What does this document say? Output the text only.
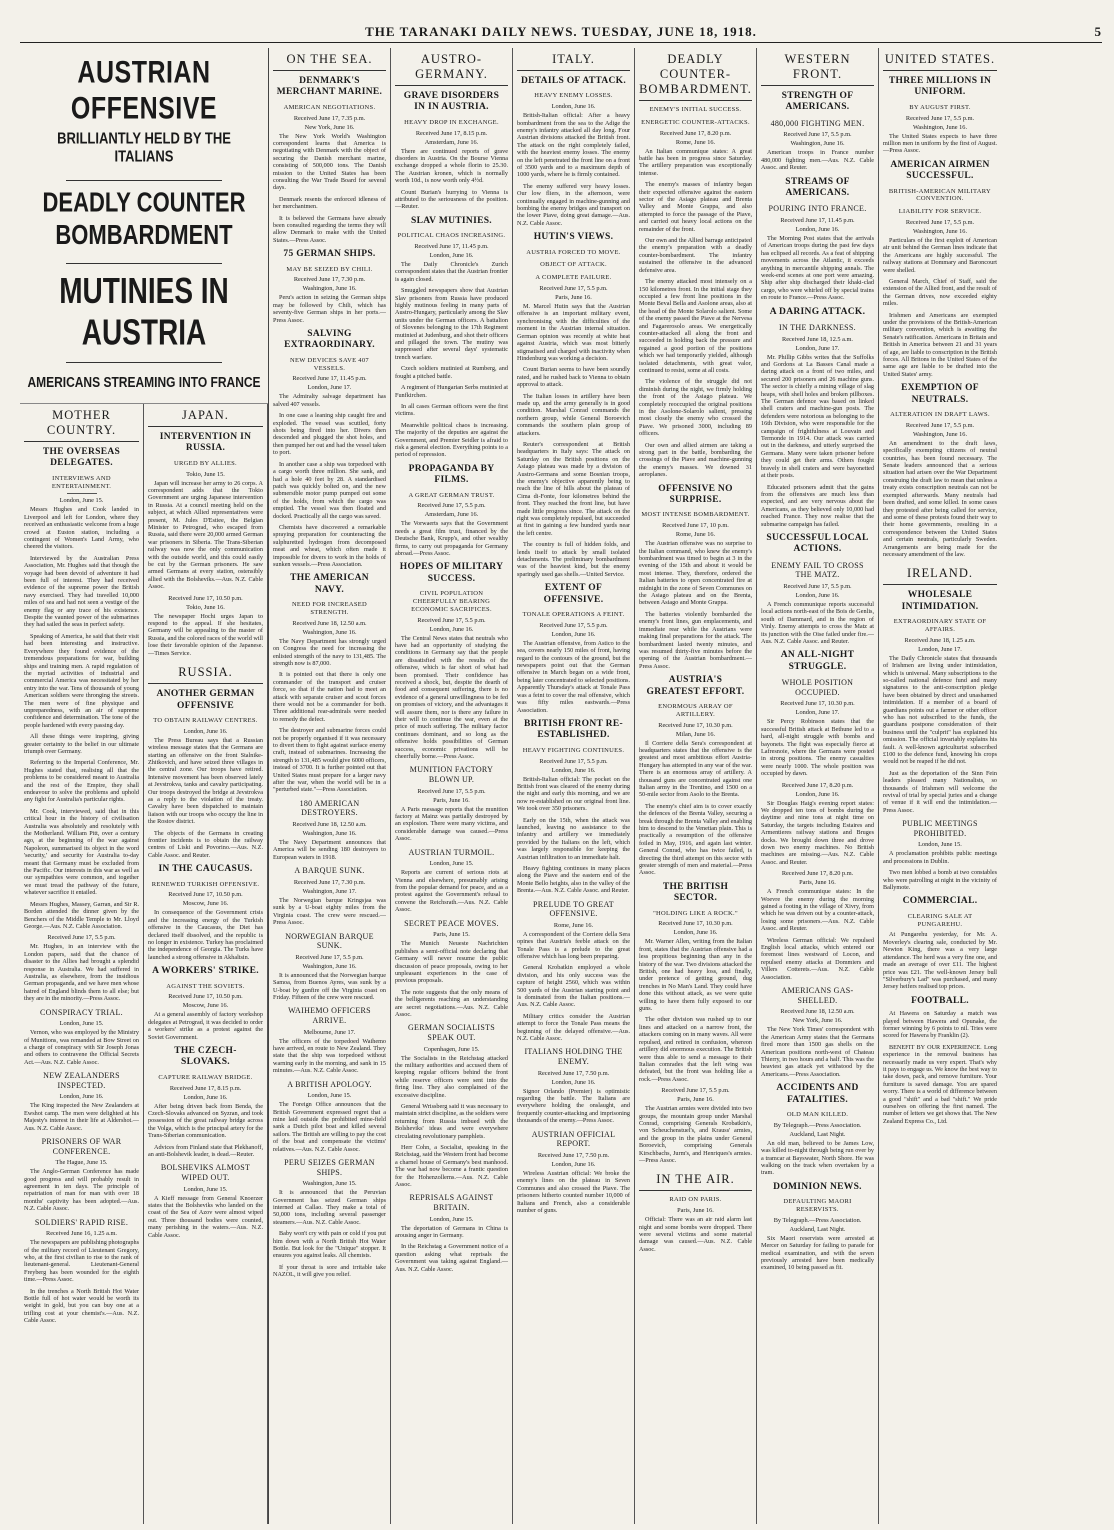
THE TARANAKI DAILY NEWS. TUESDAY, JUNE 18, 1918.	5
AUSTRIAN OFFENSIVE
BRILLIANTLY HELD BY THE ITALIANS
DEADLY COUNTER BOMBARDMENT
MUTINIES IN AUSTRIA
AMERICANS STREAMING INTO FRANCE
MOTHER COUNTRY.
THE OVERSEAS DELEGATES.
INTERVIEWS AND ENTERTAINMENT.
London, June 15.

Messrs Hughes and Cook landed in Liverpool and left for London, where they received an enthusiastic welcome from a huge crowd at Euston station, including a contingent of Women's Land Army, who cheered the visitors.

Interviewed by the Australian Press Association, Mr. Hughes said that though the voyage had been devoid of adventure it had been full of interest. They had received evidence of the supreme power the British navy exercised. They had travelled 10,000 miles of sea and had not seen a vestige of the enemy flag or any trace of his existence. Despite the vaunted power of the submarines they had sailed the seas in perfect safety.

Speaking of America, he said that their visit had been interesting and instructive. Everywhere they found evidence of the tremendous preparations for war, building ships and training men. A rapid regulation of the myriad activities of industrial and commercial America was necessitated by her entry into the war. Tens of thousands of young American soldiers were thronging the streets. The men were of fine physique and unpreparedness, with an air of supreme confidence and determination. The tone of the people hardened with every passing day.

All these things were inspiring, giving greater certainty to the belief in our ultimate triumph over Germany.

Referring to the Imperial Conference, Mr. Hughes stated that, realising all that the problems to be considered meant to Australia and the rest of the Empire, they shall endeavour to solve the problems and uphold any fight for Australia's particular rights.

Mr. Cook, interviewed, said that in this critical hour in the history of civilisation Australia was absolutely and resolutely with the Motherland. William Pitt, over a century ago, at the beginning of the war against Napoleon, summarised its object in the word 'security,' and security for Australia to-day meant that Germany must be excluded from the Pacific. Our interests in this war as well as our sympathies were common, and together we must tread the pathway of the future, whatever sacrifice it entailed.

Messrs Hughes, Massey, Garran, and Sir R. Borden attended the dinner given by the Benchers of the Middle Temple to Mr. Lloyd George.—Aus. N.Z. Cable Association.

Received June 17, 5.5 p.m.

Mr. Hughes, in an interview with the London papers, said that the chance of disaster to the Allies had brought a splendid response in Australia. We had suffered in Australia, as elsewhere, from the insidious German propaganda, and we have men whose hatred of England blinds them to all else; but they are in the minority.—Press Assoc.

CONSPIRACY TRIAL.
London, June 15.

Vernon, who was employed by the Ministry of Munitions, was remanded at Bow Street on a charge of conspiracy with Sir Joseph Jonas and others to contravene the Official Secrets Act.—Aus. N.Z. Cable Assoc.

NEW ZEALANDERS INSPECTED.
London, June 16.

The King inspected the New Zealanders at Ewshot camp. The men were delighted at his Majesty's interest in their life at Aldershot.—Aus. N.Z. Cable Assoc.

PRISONERS OF WAR CONFERENCE.
The Hague, June 15.

The Anglo-German Conference has made good progress and will probably result in agreement in ten days. The principle of repatriation of man for man with over 18 months' captivity has been adopted.—Aus. N.Z. Cable Assoc.

SOLDIERS' RAPID RISE.
Received June 16, 1.25 a.m.

The newspapers are publishing photographs of the military record of Lieutenant Gregory, who, at the first civilian to rise to the rank of lieutenant-general. Lieutenant-General Freyberg has been wounded for the eighth time.—Press Assoc.

In the trenches a North British Hot Water Bottle full of hot water would be worth its weight in gold, but you can buy one at a trifling cost at your chemist's.—Aus. N.Z. Cable Assoc.

JAPAN.
INTERVENTION IN RUSSIA.
URGED BY ALLIES.
Tokio, June 15.

Japan will increase her army to 26 corps. A correspondent adds that the Tokio Government are urging Japanese intervention in Russia. At a council meeting held on the subject, at which Allied representatives were present, M. Jules D'Estiee, the Belgian Minister to Petrograd, who escaped from Russia, said there were 20,000 armed German war prisoners in Siberia. The Trans-Siberian railway was now the only communication with the outside world, and this could easily be cut by the German prisoners. He saw armed Germans at every station, ostensibly allied with the Bolsheviks.—Aus. N.Z. Cable Assoc.

Received June 17, 10.50 p.m.
Tokio, June 16.

The newspaper Hochi urges Japan to respond to the appeal. If she hesitates, Germany will be appealing to the master of Russia, and the colored races of the world will lose their favorable opinion of the Japanese.—Times Service.

RUSSIA.
ANOTHER GERMAN OFFENSIVE
TO OBTAIN RAILWAY CENTRES.
London, June 16.

The Press Bureau says that a Russian wireless message states that the Germans are starting an offensive on the front Stalnike-Zhitkovich, and have seized three villages in the central zone. Our troops have retired. Intensive movement has been observed lately at Jevstrokva, tanks and cavalry participating. Our troops destroyed the bridge at Jevstrokva as a reply to the violation of the treaty. Cavalry have been dispatched to maintain liaison with our troops who occupy the line in the Rostov district.

The objects of the Germans in creating frontier incidents is to obtain the railway centres of Liski and Povorino.—Aus. N.Z. Cable Assoc. and Reuter.

IN THE CAUCASUS.
RENEWED TURKISH OFFENSIVE.
Received June 17, 10.50 p.m.
Moscow, June 16.

In consequence of the Government crisis and the increasing energy of the Turkish offensive in the Caucasus, the Diet has declared itself dissolved, and the republic is no longer in existence. Turkey has proclaimed the independence of Georgia. The Turks have launched a strong offensive in Akhaltsin.

A WORKERS' STRIKE.
AGAINST THE SOVIETS.
Received June 17, 10.50 p.m.
Moscow, June 16.

At a general assembly of factory workshop delegates at Petrograd, it was decided to order a workers' strike as a protest against the Soviet Government.

THE CZECH-SLOVAKS.
CAPTURE RAILWAY BRIDGE.
Received June 17, 8.15 p.m.
London, June 16.

After being driven back from Benda, the Czech-Slovaks advanced on Syzran, and took possession of the great railway bridge across the Volga, which is the principal artery for the Trans-Siberian communication.

Advices from Finland state that Plekhanoff, an anti-Bolshevik leader, is dead.—Reuter.

BOLSHEVIKS ALMOST WIPED OUT.
London, June 15.

A Kieff message from General Knoerzer states that the Bolsheviks who landed on the coast of the Sea of Azov were almost wiped out. Three thousand bodies were counted, many perishing in the waters.—Aus. N.Z. Cable Assoc.

ON THE SEA.
DENMARK'S MERCHANT MARINE.
AMERICAN NEGOTIATIONS.
Received June 17, 7.35 p.m.
New York, June 16.

The New York World's Washington correspondent learns that America is negotiating with Denmark with the object of securing the Danish merchant marine, consisting of 500,000 tons. The Danish mission to the United States has been consulting the War Trade Board for several days.

Denmark resents the enforced idleness of her merchantmen.

It is believed the Germans have already been consulted regarding the terms they will allow Denmark to make with the United States.—Press Assoc.

75 GERMAN SHIPS.
MAY BE SEIZED BY CHILI.
Received June 17, 7.30 p.m.
Washington, June 16.

Peru's action in seizing the German ships may be followed by Chili, which has seventy-five German ships in her ports.—Press Assoc.

SALVING EXTRAORDINARY.
NEW DEVICES SAVE 407 VESSELS.
Received June 17, 11.45 p.m.
London, June 17.

The Admiralty salvage department has salved 407 vessels.

In one case a leaning ship caught fire and exploded. The vessel was scuttled, forty shots being fired into her. Divers then descended and plugged the shot holes, and then pumped her out and had the vessel taken to port.

In another case a ship was torpedoed with a cargo worth three million. She sank, and had a hole 40 feet by 28. A standardised patch was quickly bolted on, and the new submersible motor pump pumped out some of the holds, from which the cargo was emptied. The vessel was then floated and docked. Practically all the cargo was saved.

Chemists have discovered a remarkable spraying preparation for counteracting the sulphuretted hydrogen from decomposed meat and wheat, which often made it impossible for divers to work in the holds of sunken vessels.—Press Association.

THE AMERICAN NAVY.
NEED FOR INCREASED STRENGTH.
Received June 18, 12.50 a.m.
Washington, June 16.

The Navy Department has strongly urged on Congress the need for increasing the enlisted strength of the navy to 131,485. The strength now is 87,000.

It is pointed out that there is only one commander of the transport and cruiser force, so that if the nation had to meet an attack with separate cruiser and scout forces there would not be a commander for both. Three additional rear-admirals were needed to remedy the defect.

The destroyer and submarine forces could not be properly organised if it was necessary to divert them to fight against surface enemy craft, instead of submarines. Increasing the strength to 131,485 would give 6000 officers, instead of 3700. It is further pointed out that United States must prepare for a larger navy after the war, when the world will be in a "perturbed state."—Press Association.

180 AMERICAN DESTROYERS.
Received June 18, 12.50 a.m.
Washington, June 16.

The Navy Department announces that America will be sending 180 destroyers to European waters in 1918.

A BARQUE SUNK.
Received June 17, 7.30 p.m.
Washington, June 17.

The Norwegian barque Kringsjaa was sunk by a U-boat eighty miles from the Virginia coast. The crew were rescued.—Press Assoc.

NORWEGIAN BARQUE SUNK.
Received June 17, 5.5 p.m.
Washington, June 16.

It is announced that the Norwegian barque Samoa, from Buenos Ayres, was sunk by a U-boat by gunfire off the Virginia coast on Friday. Fifteen of the crew were rescued.

WAIHEMO OFFICERS ARRIVE.
Melbourne, June 17.

The officers of the torpedoed Waihemo have arrived, en route to New Zealand. They state that the ship was torpedoed without warning early in the morning, and sank in 15 minutes.—Aus. N.Z. Cable Assoc.

A BRITISH APOLOGY.
London, June 15.

The Foreign Office announces that the British Government expressed regret that a mine laid outside the prohibited mine-field sank a Dutch pilot boat and killed several sailors. The British are willing to pay the cost of the boat and compensate the victims' relatives.—Aus. N.Z. Cable Assoc.

PERU SEIZES GERMAN SHIPS.
Washington, June 15.

It is announced that the Peruvian Government has seized German ships interned at Callao. They make a total of 50,000 tons, including several passenger steamers.—Aus. N.Z. Cable Assoc.

Baby won't cry with pain or cold if you put him down with a North British Hot Water Bottle. But look for the "Unique" stopper. It ensures you against leaks. All chemists.

If your throat is sore and irritable take NAZOL, it will give you relief.

AUSTRO-GERMANY.
GRAVE DISORDERS IN IN AUSTRIA.
HEAVY DROP IN EXCHANGE.
Received June 17, 8.15 p.m.
Amsterdam, June 16.

There are continued reports of grave disorders in Austria. On the Bourse Vienna exchange dropped a whole florin to 25.30. The Austrian kronen, which is normally worth 10d., is now worth only 4½d.

Count Burian's hurrying to Vienna is attributed to the seriousness of the position.—Reuter.

SLAV MUTINIES.
POLITICAL CHAOS INCREASING.
Received June 17, 11.45 p.m.
London, June 16.

The Daily Chronicle's Zurich correspondent states that the Austrian frontier is again closed.

Smuggled newspapers show that Austrian Slav prisoners from Russia have produced highly mutinous feeling in many parts of Austro-Hungary, particularly among the Slav units under the German officers. A battalion of Slovenes belonging to the 17th Regiment mutinied at Judenburg, and shot their officers and pillaged the town. The mutiny was suppressed after several days' systematic trench warfare.

Czech soldiers mutinied at Rumberg, and fought a pitched battle.

A regiment of Hungarian Serbs mutinied at Funfkirchen.

In all cases German officers were the first victims.

Meanwhile political chaos is increasing. The majority of the deputies are against the Government, and Premier Seidler is afraid to risk a general election. Everything points to a period of repression.

PROPAGANDA BY FILMS.
A GREAT GERMAN TRUST.
Received June 17, 5.5 p.m.
Amsterdam, June 16.

The Vorwaerts says that the Government needs a great film trust, financed by the Deutsche Bank, Krupp's, and other wealthy firms, to carry out propaganda for Germany abroad.—Press Assoc.

HOPES OF MILITARY SUCCESS.
CIVIL POPULATION CHEERFULLY BEARING ECONOMIC SACRIFICES.
Received June 17, 5.5 p.m.
London, June 16.

The Central News states that neutrals who have had an opportunity of studying the conditions in Germany say that the people are dissatisfied with the results of the offensive, which is far short of what had been promised. Their confidence has received a shock, but, despite the dearth of food and consequent suffering, there is no evidence of a general unwillingness to be fed on promises of victory, and the advantages it will assure them, nor is there any failure in their will to continue the war, even at the price of much suffering. The military factor continues dominant, and so long as the offensive holds possibilities of German success, economic privations will be cheerfully borne.—Press Assoc.

MUNITION FACTORY BLOWN UP.
Received June 17, 5.5 p.m.
Paris, June 16.

A Paris message reports that the munition factory at Mainz was partially destroyed by an explosion. There were many victims, and considerable damage was caused.—Press Assoc.

AUSTRIAN TURMOIL.
London, June 15.

Reports are current of serious riots at Vienna and elsewhere, presumably arising from the popular demand for peace, and as a protest against the Government's refusal to convene the Reichsrath.—Aus. N.Z. Cable Assoc.

SECRET PEACE MOVES.
Paris, June 15.

The Munich Neueste Nachrichten publishes a semi-official note declaring that Germany will never resume the public discussion of peace proposals, owing to her unpleasant experiences in the case of previous proposals.

The note suggests that the only means of the belligerents reaching an understanding are secret negotiations.—Aus. N.Z. Cable Assoc.

GERMAN SOCIALISTS SPEAK OUT.
Copenhagen, June 15.

The Socialists in the Reichstag attacked the military authorities and accused them of keeping regular officers behind the front while reserve officers were sent into the firing line. They also complained of the excessive discipline.

General Wrissberg said it was necessary to maintain strict discipline, as the soldiers were returning from Russia imbued with the Bolsheviks' ideas and were everywhere circulating revolutionary pamphlets.

Herr Cohn, a Socialist, speaking in the Reichstag, said the Western front had become a charnel house of Germany's best manhood. The war had now become a frantic question for the Hohenzollerns.—Aus. N.Z. Cable Assoc.

REPRISALS AGAINST BRITAIN.
London, June 15.

The deportation of Germans in China is arousing anger in Germany.

In the Reichstag a Government notice of a question asking what reprisals the Government was taking against England.—Aus. N.Z. Cable Assoc.

ITALY.
DETAILS OF ATTACK.
HEAVY ENEMY LOSSES.
London, June 16.

British-Italian official: After a heavy bombardment from the sea to the Adige the enemy's infantry attacked all day long. Four Austrian divisions attacked the British front. The attack on the right completely failed, with the heaviest enemy losses. The enemy on the left penetrated the front line on a front of 3500 yards and to a maximum depth of 1000 yards, where he is firmly contained.

The enemy suffered very heavy losses. Our low fliers, in the afternoon, were continually engaged in machine-gunning and bombing the enemy bridges and transport on the lower Piave, doing great damage.—Aus. N.Z. Cable Assoc.

HUTIN'S VIEWS.
AUSTRIA FORCED TO MOVE.
OBJECT OF ATTACK.
A COMPLETE FAILURE.
Received June 17, 5.5 p.m.
Paris, June 16.

M. Marcel Hutin says that the Austrian offensive is an important military event, synchronising with the difficulties of the moment in the Austrian internal situation. German opinion was recently at white heat against Austria, which was most bitterly stigmatised and charged with inactivity when Hindenburg was working a decision.

Count Burian seems to have been soundly rated, and he rushed back to Vienna to obtain approval to attack.

The Italian losses in artillery have been made up, and the army generally is in good condition. Marshal Conrad commands the northern group, while General Boroevich commands the southern plain group of attackers.

Reuter's correspondent at British headquarters in Italy says: The attack on Saturday on the British positions on the Asiago plateau was made by a division of Austro-Germans and some Bosnian troops, the enemy's objective apparently being to reach the line of hills about the plateau of Cima di-Fonte, four kilometres behind the front. They reached the front line, but have made little progress since. The attack on the right was completely repulsed, but succeeded at first in gaining a few hundred yards near the left centre.

The country is full of hidden folds, and lends itself to attack by small isolated detachments. The preliminary bombardment was of the heaviest kind, but the enemy sparingly used gas shells.—United Service.

EXTENT OF OFFENSIVE.
TONALE OPERATIONS A FEINT.
Received June 17, 5.5 p.m.
London, June 16.

The Austrian offensive, from Astico to the sea, covers nearly 150 miles of front, having regard to the contours of the ground, but the newspapers point out that the German offensive in March began on a wide front, being later concentrated to selected positions. Apparently Thursday's attack at Tonale Pass was a feint to cover the real offensive, which was fifty miles eastwards.—Press Association.

BRITISH FRONT RE-ESTABLISHED.
HEAVY FIGHTING CONTINUES.
Received June 17, 5.5 p.m.
London, June 16.

British-Italian official: The pocket on the British front was cleared of the enemy during the night and early this morning, and we are now re-established on our original front line. We took over 350 prisoners.

Early on the 15th, when the attack was launched, leaving no assistance to the infantry and artillery we immediately provided by the Italians on the left, which was largely responsible for keeping the Austrian infiltration to an immediate halt.

Heavy fighting continues in many places along the Piave and the eastern end of the Monte Bello heights, also in the valley of the Brenta.—Aus. N.Z. Cable Assoc. and Reuter.

PRELUDE TO GREAT OFFENSIVE.
Rome, June 16.

A correspondent of the Corriere della Sera opines that Austria's feeble attack on the Tonale Pass is a prelude to the great offensive which has long been preparing.

General Krobatkin employed a whole division, and his only success was the capture of height 2560, which was within 500 yards of the Austrian starting point and is dominated from the Italian positions.—Aus. N.Z. Cable Assoc.

Military critics consider the Austrian attempt to force the Tonale Pass means the beginning of the delayed offensive.—Aus. N.Z. Cable Assoc.

ITALIANS HOLDING THE ENEMY.
Received June 17, 7.50 p.m.
London, June 16.

Signor Orlando (Premier) is optimistic regarding the battle. The Italians are everywhere holding the onslaught, and frequently counter-attacking and imprisoning thousands of the enemy.—Press Assoc.

AUSTRIAN OFFICIAL REPORT.
Received June 17, 7.50 p.m.
London, June 16.

Wireless Austrian official: We broke the enemy's lines on the plateau in Seven Communes and also crossed the Piave. The prisoners hitherto counted number 10,000 of Italians and French, also a considerable number of guns.

DEADLY COUNTER-BOMBARDMENT.
ENEMY'S INITIAL SUCCESS.
ENERGETIC COUNTER-ATTACKS.
Received June 17, 8.20 p.m.
Rome, June 16.

An Italian communique states: A great battle has been in progress since Saturday. The artillery preparation was exceptionally intense.

The enemy's masses of infantry began their expected offensive against the eastern sector of the Asiago plateau and Brenta Valley and Monte Grappa, and also attempted to force the passage of the Piave, and carried out heavy local actions on the remainder of the front.

Our own and the Allied barrage anticipated the enemy's preparation with a deadly counter-bombardment. The infantry sustained the offensive in the advanced defensive area.

The enemy attacked most intensely on a 150 kilometres front. In the initial stage they occupied a few front line positions in the Monte Beval Bella and Asolone areas, also at the head of the Monte Solarolo salient. Some of the enemy passed the Piave at the Nervesa and Fagarerosolo areas. We energetically counter-attacked all along the front and succeeded in holding back the pressure and regained a good portion of the positions which we had temporarily yielded, although isolated detachments, with great valor, continued to resist, some at all costs.

The violence of the struggle did not diminish during the night, we firmly holding the front of the Asiago plateau. We completely reoccupied the original positions in the Asolone-Solarolo salient, pressing most closely the enemy who crossed the Piave. We prisoned 3000, including 89 officers.

Our own and allied airmen are taking a strong part in the battle, bombarding the crossings of the Piave and machine-gunning the enemy's masses. We downed 31 aeroplanes.

OFFENSIVE NO SURPRISE.
MOST INTENSE BOMBARDMENT.
Received June 17, 10 p.m.
Rome, June 16.

The Austrian offensive was no surprise to the Italian command, who knew the enemy's bombardment was timed to begin at 3 in the evening of the 15th and about it would be most intense. They, therefore, ordered the Italian batteries to open concentrated fire at midnight in the zone of Seven Communes on the Asiago plateau and on the Brenta, between Asiago and Monte Grappa.

The batteries violently bombarded the enemy's front lines, gun emplacements, and immediate rear while the Austrians were making final preparations for the attack. The bombardment lasted twenty minutes, and was resumed thirty-five minutes before the opening of the Austrian bombardment.—Press Assoc.

AUSTRIA'S GREATEST EFFORT.
ENORMOUS ARRAY OF ARTILLERY.
Received June 17, 10.30 p.m.
Milan, June 16.

Il Corriere della Sera's correspondent at headquarters states that the offensive is the greatest and most ambitious effort Austria-Hungary has attempted in any war of the war. There is an enormous array of artillery. A thousand guns are concentrated against one Italian army in the Trentino, and 1500 on a 50-mile sector from Asolo to the Brenta.

The enemy's chief aim is to cover exactly the defences of the Brenta Valley, securing a break through the Brenta Valley and enabling him to descend to the Venetian plain. This is practically a resumption of the offensive foiled in May, 1916, and again last winter. General Conrad, who has twice failed, is directing the third attempt on this sector with greater strength of men and material.—Press Assoc.

THE BRITISH SECTOR.
"HOLDING LIKE A ROCK."
Received June 17, 10.30 p.m.
London, June 16.

Mr. Warner Allen, writing from the Italian front, states that the Austrian offensive had a less propitious beginning than any in the history of the war. Two divisions attacked the British, one had heavy loss, and finally, under pretence of getting ground, dug trenches in No Man's Land. They could have done this without attack, as we were quite willing to have them fully exposed to our guns.

The other division was rushed up to our lines and attacked on a narrow front, the attackers coming on in many waves. All were repulsed, and retired in confusion, whereon artillery did enormous execution. The British were thus able to send a message to their Italian comrades that the left wing was defeated, but the front was holding like a rock.—Press Assoc.

Received June 17, 5.5 p.m.
Paris, June 16.

The Austrian armies were divided into two groups, the mountain group under Marshal Conrad, comprising Generals Krobatkin's, von Scheuchenstuel's, and Krauss' armies, and the group in the plains under General Boroevich, comprising Generals Kirschbachs, Jurm's, and Henriques's armies.—Press Assoc.

IN THE AIR.
RAID ON PARIS.
Paris, June 16.

Official: There was an air raid alarm last night and some bombs were dropped. There were several victims and some material damage was caused.—Aus. N.Z. Cable Assoc.

WESTERN FRONT.
STRENGTH OF AMERICANS.
480,000 FIGHTING MEN.
Received June 17, 5.5 p.m.
Washington, June 16.

American troops in France number 480,000 fighting men.—Aus. N.Z. Cable Assoc. and Reuter.

STREAMS OF AMERICANS.
POURING INTO FRANCE.
Received June 17, 11.45 p.m.
London, June 16.

The Morning Post states that the arrivals of American troops during the past few days has eclipsed all records. As a feat of shipping movements across the Atlantic, it exceeds anything in mercantile shipping annals. The week-end scenes at one port were amazing. Ship after ship discharged their khaki-clad cargo, who were whirled off by special trains en route to France.—Press Assoc.

A DARING ATTACK.
IN THE DARKNESS.
Received June 18, 12.5 a.m.
London, June 17.

Mr. Phillip Gibbs writes that the Suffolks and Gordons at La Basses Canal made a daring attack on a front of two miles, and secured 200 prisoners and 26 machine guns. The sector is chiefly a mining village of slag heaps, with shell holes and broken pillboxes. The German defence was based on linked shell craters and machine-gun posts. The defenders were notorious as belonging to the 16th Division, who were responsible for the campaign of frightfulness at Louvain and Termonde in 1914. Our attack was carried out in the darkness, and utterly surprised the Germans. Many were taken prisoner before they could get their arms. Others fought bravely in shell craters and were bayonetted at their posts.

Educated prisoners admit that the gains from the offensives are much less than expected, and are very nervous about the Americans, as they believed only 10,000 had reached France. They now realise that the submarine campaign has failed.

SUCCESSFUL LOCAL ACTIONS.
ENEMY FAIL TO CROSS THE MATZ.
Received June 17, 5.5 p.m.
London, June 16.

A French communique reports successful local actions north-east of the Bois de Genlis, south of Dammard, and in the region of Vinly. Enemy attempts to cross the Matz at its junction with the Oise failed under fire.—Aus. N.Z. Cable Assoc. and Reuter.

AN ALL-NIGHT STRUGGLE.
WHOLE POSITION OCCUPIED.
Received June 17, 10.30 p.m.
London, June 17.

Sir Percy Robinson states that the successful British attack at Bethune led to a hard, all-night struggle with bombs and bayonets. The fight was especially fierce at Lafresnoie, where the Germans were posted in strong positions. The enemy casualties were nearly 1000. The whole position was occupied by dawn.

Received June 17, 8.20 p.m.
London, June 16.

Sir Douglas Haig's evening report states: We dropped ten tons of bombs during the daytime and nine tons at night time on Saturday, the targets including Estaires and Armentieres railway stations and Bruges docks. We brought down three and drove down two enemy machines. No British machines are missing.—Aus. N.Z. Cable Assoc. and Reuter.

Received June 17, 8.20 p.m.
Paris, June 16.

A French communique states: In the Woevre the enemy during the morning gained a footing in the village of Xivry, from which he was driven out by a counter-attack, losing some prisoners.—Aus. N.Z. Cable Assoc. and Reuter.

Wireless German official: We repulsed English local attacks, which entered our foremost lines westward of Locon, and repulsed enemy attacks at Dommiers and Villers Cotterets.—Aus. N.Z. Cable Association.

AMERICANS GAS-SHELLED.
Received June 18, 12.50 a.m.
New York, June 16.

The New York Times' correspondent with the American Army states that the Germans fired more than 1500 gas shells on the American positions north-west of Chateau Thierry, in two hours and a half. This was the heaviest gas attack yet withstood by the Americans.—Press Association.

ACCIDENTS AND FATALITIES.
OLD MAN KILLED.
By Telegraph.—Press Association.
Auckland, Last Night.

An old man, believed to be James Low, was killed to-night through being run over by a tramcar at Bayswater, North Shore. He was walking on the track when overtaken by a tram.

DOMINION NEWS.
DEFAULTING MAORI RESERVISTS.
By Telegraph.—Press Association.
Auckland, Last Night.

Six Maori reservists were arrested at Mercer on Saturday for failing to parade for medical examination, and with the seven previously arrested have been medically examined, 10 being passed as fit.

UNITED STATES.
THREE MILLIONS IN UNIFORM.
BY AUGUST FIRST.
Received June 17, 5.5 p.m.
Washington, June 16.

The United States expects to have three million men in uniform by the first of August.—Press Assoc.

AMERICAN AIRMEN SUCCESSFUL.
BRITISH-AMERICAN MILITARY CONVENTION.
LIABILITY FOR SERVICE.
Received June 17, 5.5 p.m.
Washington, June 16.

Particulars of the first exploit of American air unit behind the German lines indicate that the Americans are highly successful. The railway stations at Dommary and Baroncourt were shelled.

General March, Chief of Staff, said the extension of the Allied front, and the result of the German drives, now exceeded eighty miles.

Irishmen and Americans are exempted under the provisions of the British-American military convention, which is awaiting the Senate's ratification. Americans in Britain and British in America between 21 and 31 years of age, are liable to conscription in the British forces. All Britons in the United States of the same age are liable to be drafted into the United States' army.

EXEMPTION OF NEUTRALS.
ALTERATION IN DRAFT LAWS.
Received June 17, 5.5 p.m.
Washington, June 16.

An amendment to the draft laws, specifically exempting citizens of neutral countries, has been found necessary. The Senate leaders announced that a serious situation had arisen over the War Department construing the draft law to mean that unless a treaty exists conscription neutrals can not be exempted afterwards. Many neutrals had been drafted, and some killed. In some cases they protested after being called for service, and some of these protests found their way to their home governments, resulting in a correspondence between the United States and certain neutrals, particularly Sweden. Arrangements are being made for the necessary amendment of the law.

IRELAND.
WHOLESALE INTIMIDATION.
EXTRAORDINARY STATE OF AFFAIRS.
Received June 18, 1.25 a.m.
London, June 17.

The Daily Chronicle states that thousands of Irishmen are living under intimidation, which is universal. Many subscriptions to the so-called national defence fund and many signatures to the anti-conscription pledge have been obtained by direct and unashamed intimidation. If a member of a board of guardians points out a farmer or other officer who has not subscribed to the funds, the guardians postpone consideration of their business until the "culprit" has explained his omission. The official invariably explains his fault. A well-known agriculturist subscribed £100 to the defence fund, knowing his crops would not be reaped if he did not.

Just as the deportation of the Sinn Fein leaders pleased many Nationalists, so thousands of Irishmen will welcome the revival of trial by special juries and a change of venue if it will end the intimidation.—Press Assoc.

PUBLIC MEETINGS PROHIBITED.
London, June 15.

A proclamation prohibits public meetings and processions in Dublin.

Two men lobbed a bomb at two constables who were patrolling at night in the vicinity of Ballymote.

COMMERCIAL.
CLEARING SALE AT PUNGAREHU.

At Pungarehu yesterday, for Mr. A. Moverley's clearing sale, conducted by Mr. Newton King, there was a very large attendance. The herd was a very fine one, and made an average of over £11. The highest price was £21. The well-known Jersey bull "Silverbury's Lad" was purchased, and many Jersey heifers realised top prices.

FOOTBALL.

At Hawera on Saturday a match was played between Hawera and Opunake, the former winning by 6 points to nil. Tries were scored for Hawera by Franklin (2).

BENEFIT BY OUR EXPERIENCE. Long experience in the removal business has necessarily made us very expert. That's why it pays to engage us. We know the best way to take down, pack, and remove furniture. Your furniture is saved damage. You are spared worry. There is a world of difference between a good "shift" and a bad "shift." We pride ourselves on offering the first named. The number of letters we get shows that. The New Zealand Express Co., Ltd.
